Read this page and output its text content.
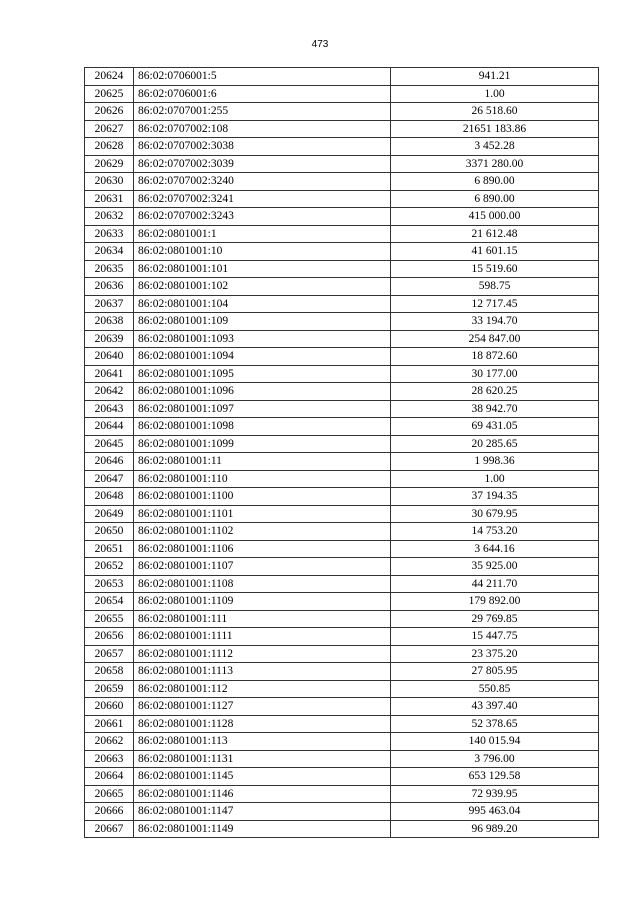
473
20624	86:02:0706001:5	941.21
20625	86:02:0706001:6	1.00
20626	86:02:0707001:255	26 518.60
20627	86:02:0707002:108	21651 183.86
20628	86:02:0707002:3038	3 452.28
20629	86:02:0707002:3039	3371 280.00
20630	86:02:0707002:3240	6 890.00
20631	86:02:0707002:3241	6 890.00
20632	86:02:0707002:3243	415 000.00
20633	86:02:0801001:1	21 612.48
20634	86:02:0801001:10	41 601.15
20635	86:02:0801001:101	15 519.60
20636	86:02:0801001:102	598.75
20637	86:02:0801001:104	12 717.45
20638	86:02:0801001:109	33 194.70
20639	86:02:0801001:1093	254 847.00
20640	86:02:0801001:1094	18 872.60
20641	86:02:0801001:1095	30 177.00
20642	86:02:0801001:1096	28 620.25
20643	86:02:0801001:1097	38 942.70
20644	86:02:0801001:1098	69 431.05
20645	86:02:0801001:1099	20 285.65
20646	86:02:0801001:11	1 998.36
20647	86:02:0801001:110	1.00
20648	86:02:0801001:1100	37 194.35
20649	86:02:0801001:1101	30 679.95
20650	86:02:0801001:1102	14 753.20
20651	86:02:0801001:1106	3 644.16
20652	86:02:0801001:1107	35 925.00
20653	86:02:0801001:1108	44 211.70
20654	86:02:0801001:1109	179 892.00
20655	86:02:0801001:111	29 769.85
20656	86:02:0801001:1111	15 447.75
20657	86:02:0801001:1112	23 375.20
20658	86:02:0801001:1113	27 805.95
20659	86:02:0801001:112	550.85
20660	86:02:0801001:1127	43 397.40
20661	86:02:0801001:1128	52 378.65
20662	86:02:0801001:113	140 015.94
20663	86:02:0801001:1131	3 796.00
20664	86:02:0801001:1145	653 129.58
20665	86:02:0801001:1146	72 939.95
20666	86:02:0801001:1147	995 463.04
20667	86:02:0801001:1149	96 989.20
